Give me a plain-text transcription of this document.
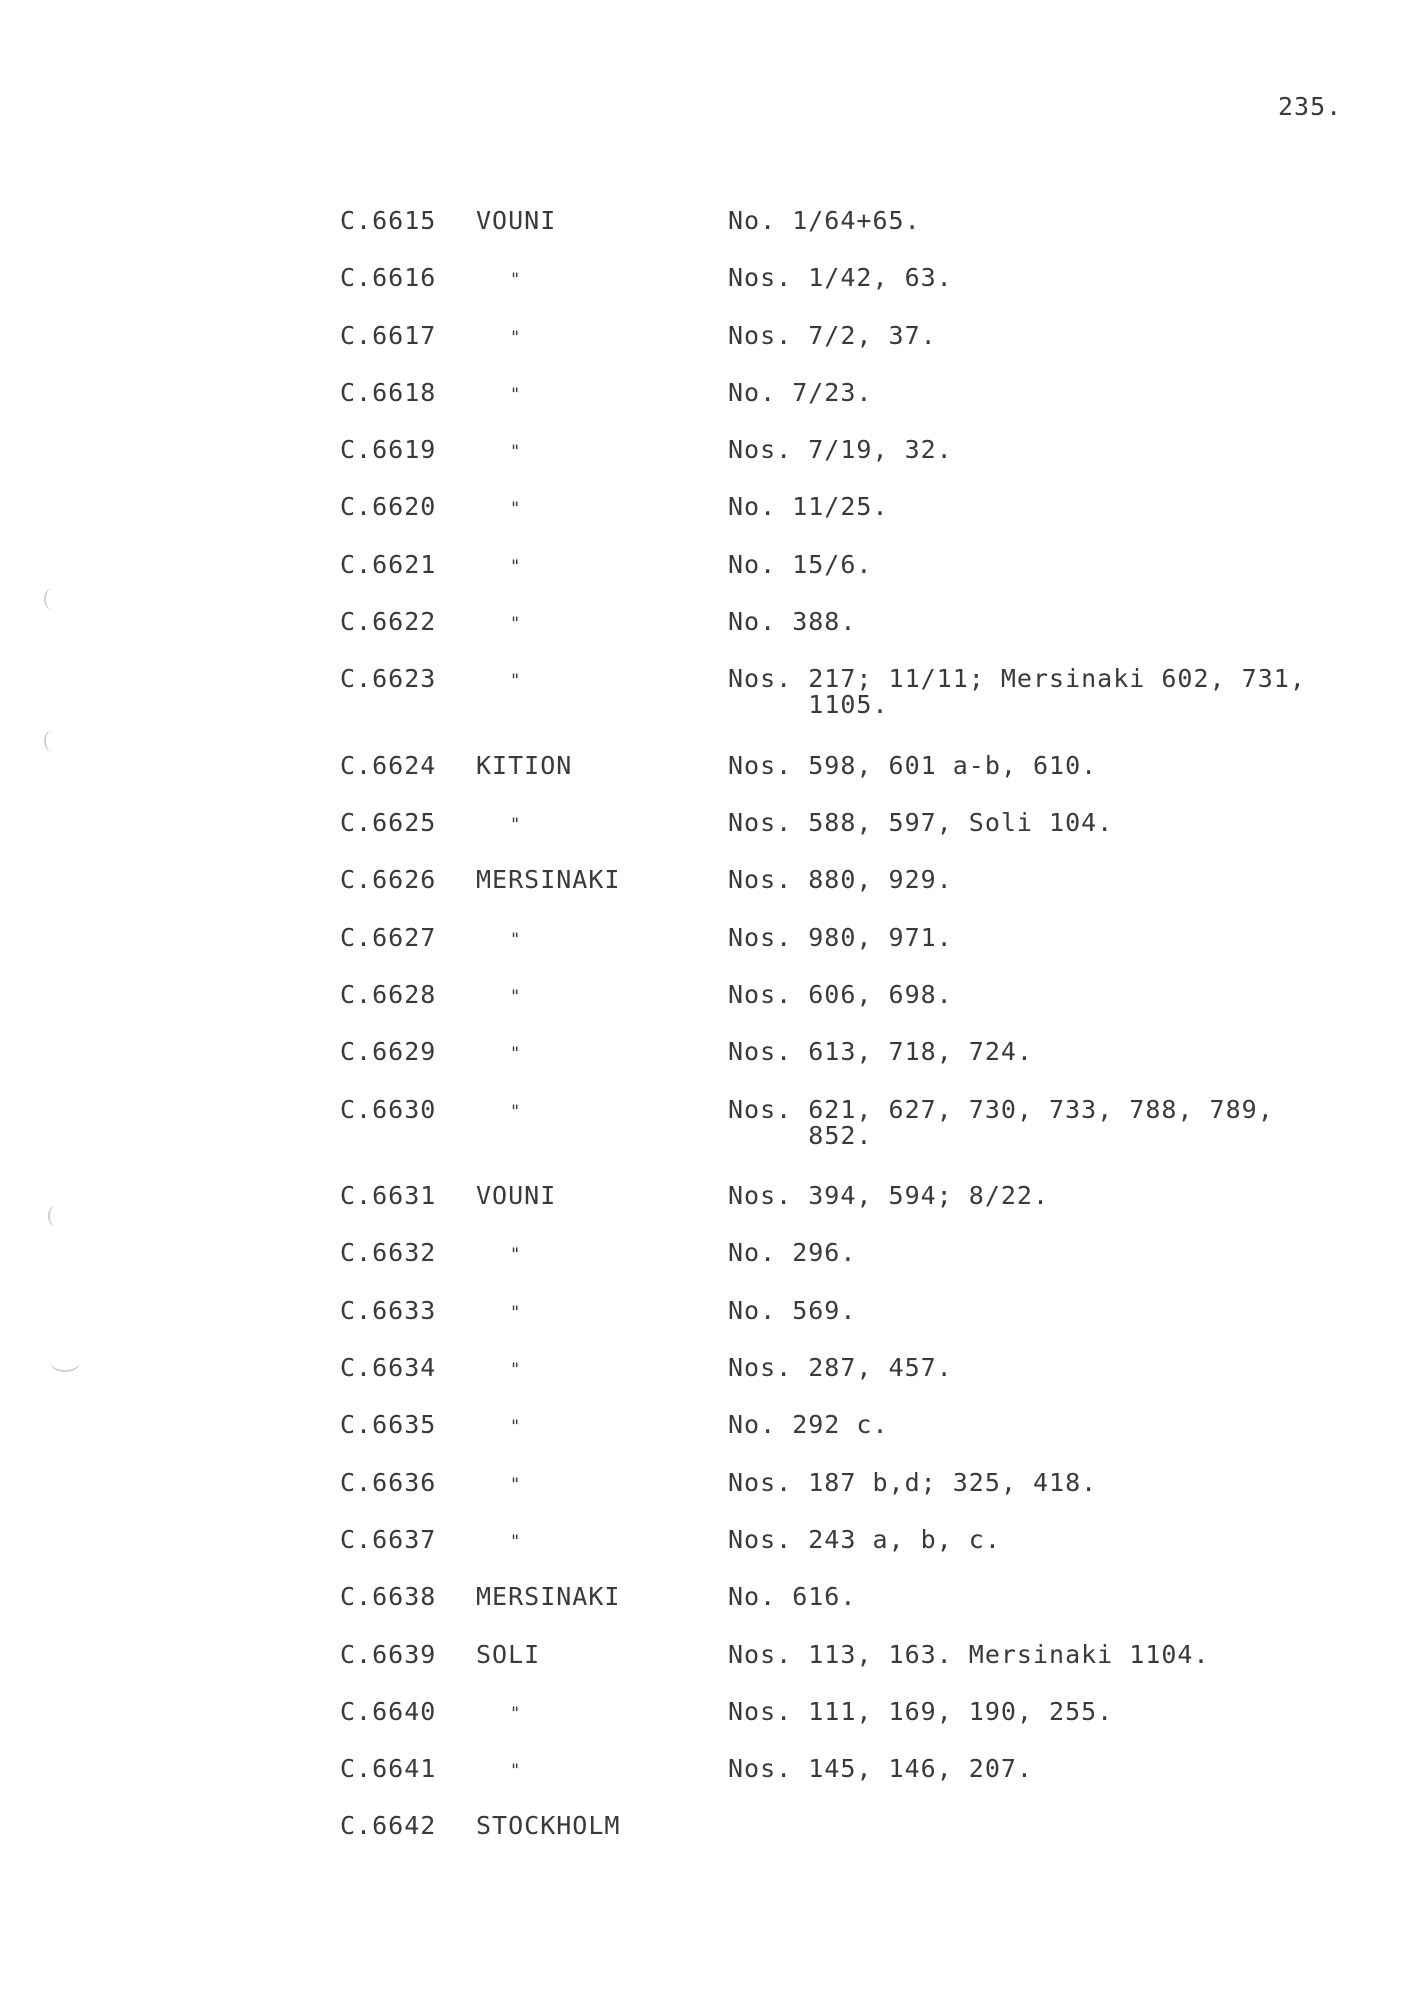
235.
C.6615 VOUNI	No. 1/64+65.
C.6616	"	Nos. 1/42, 63.
C.6617	"	Nos. 7/2, 37.
C.6618	"	No. 7/23.
C.6619	"	Nos. 7/19, 32.
C.6620	"	No. 11/25.
C.6621	"	No. 15/6.
C.6622	"	No. 388.
C.6623	"	Nos. 217; 11/11; Mersinaki 602, 731,
1105.
C.6624 KITION	Nos. 598, 601 a-b, 610.
C.6625	"	Nos. 588, 597, Soli 104.
C.6626 MERSINAKI	Nos. 880, 929.
C.6627	"	Nos. 980, 971.
C.6628	"	Nos. 606, 698.
C.6629	"	Nos. 613, 718, 724.
C.6630	"	Nos. 621, 627, 730, 733, 788, 789,
852.
C.6631 VOUNI	Nos. 394, 594; 8/22.
C.6632	"	No. 296.
C.6633	"	No. 569.
C.6634	"	Nos. 287, 457.
C.6635	"	No. 292 c.
C.6636	"	Nos. 187 b,d; 325, 418.
C.6637	"	Nos. 243 a, b, c.
C.6638 MERSINAKI	No. 616.
C.6639 SOLI	Nos. 113, 163. Mersinaki 1104.
C.6640	"	Nos. 111, 169, 190, 255.
C.6641	"	Nos. 145, 146, 207.
C.6642 STOCKHOLM
